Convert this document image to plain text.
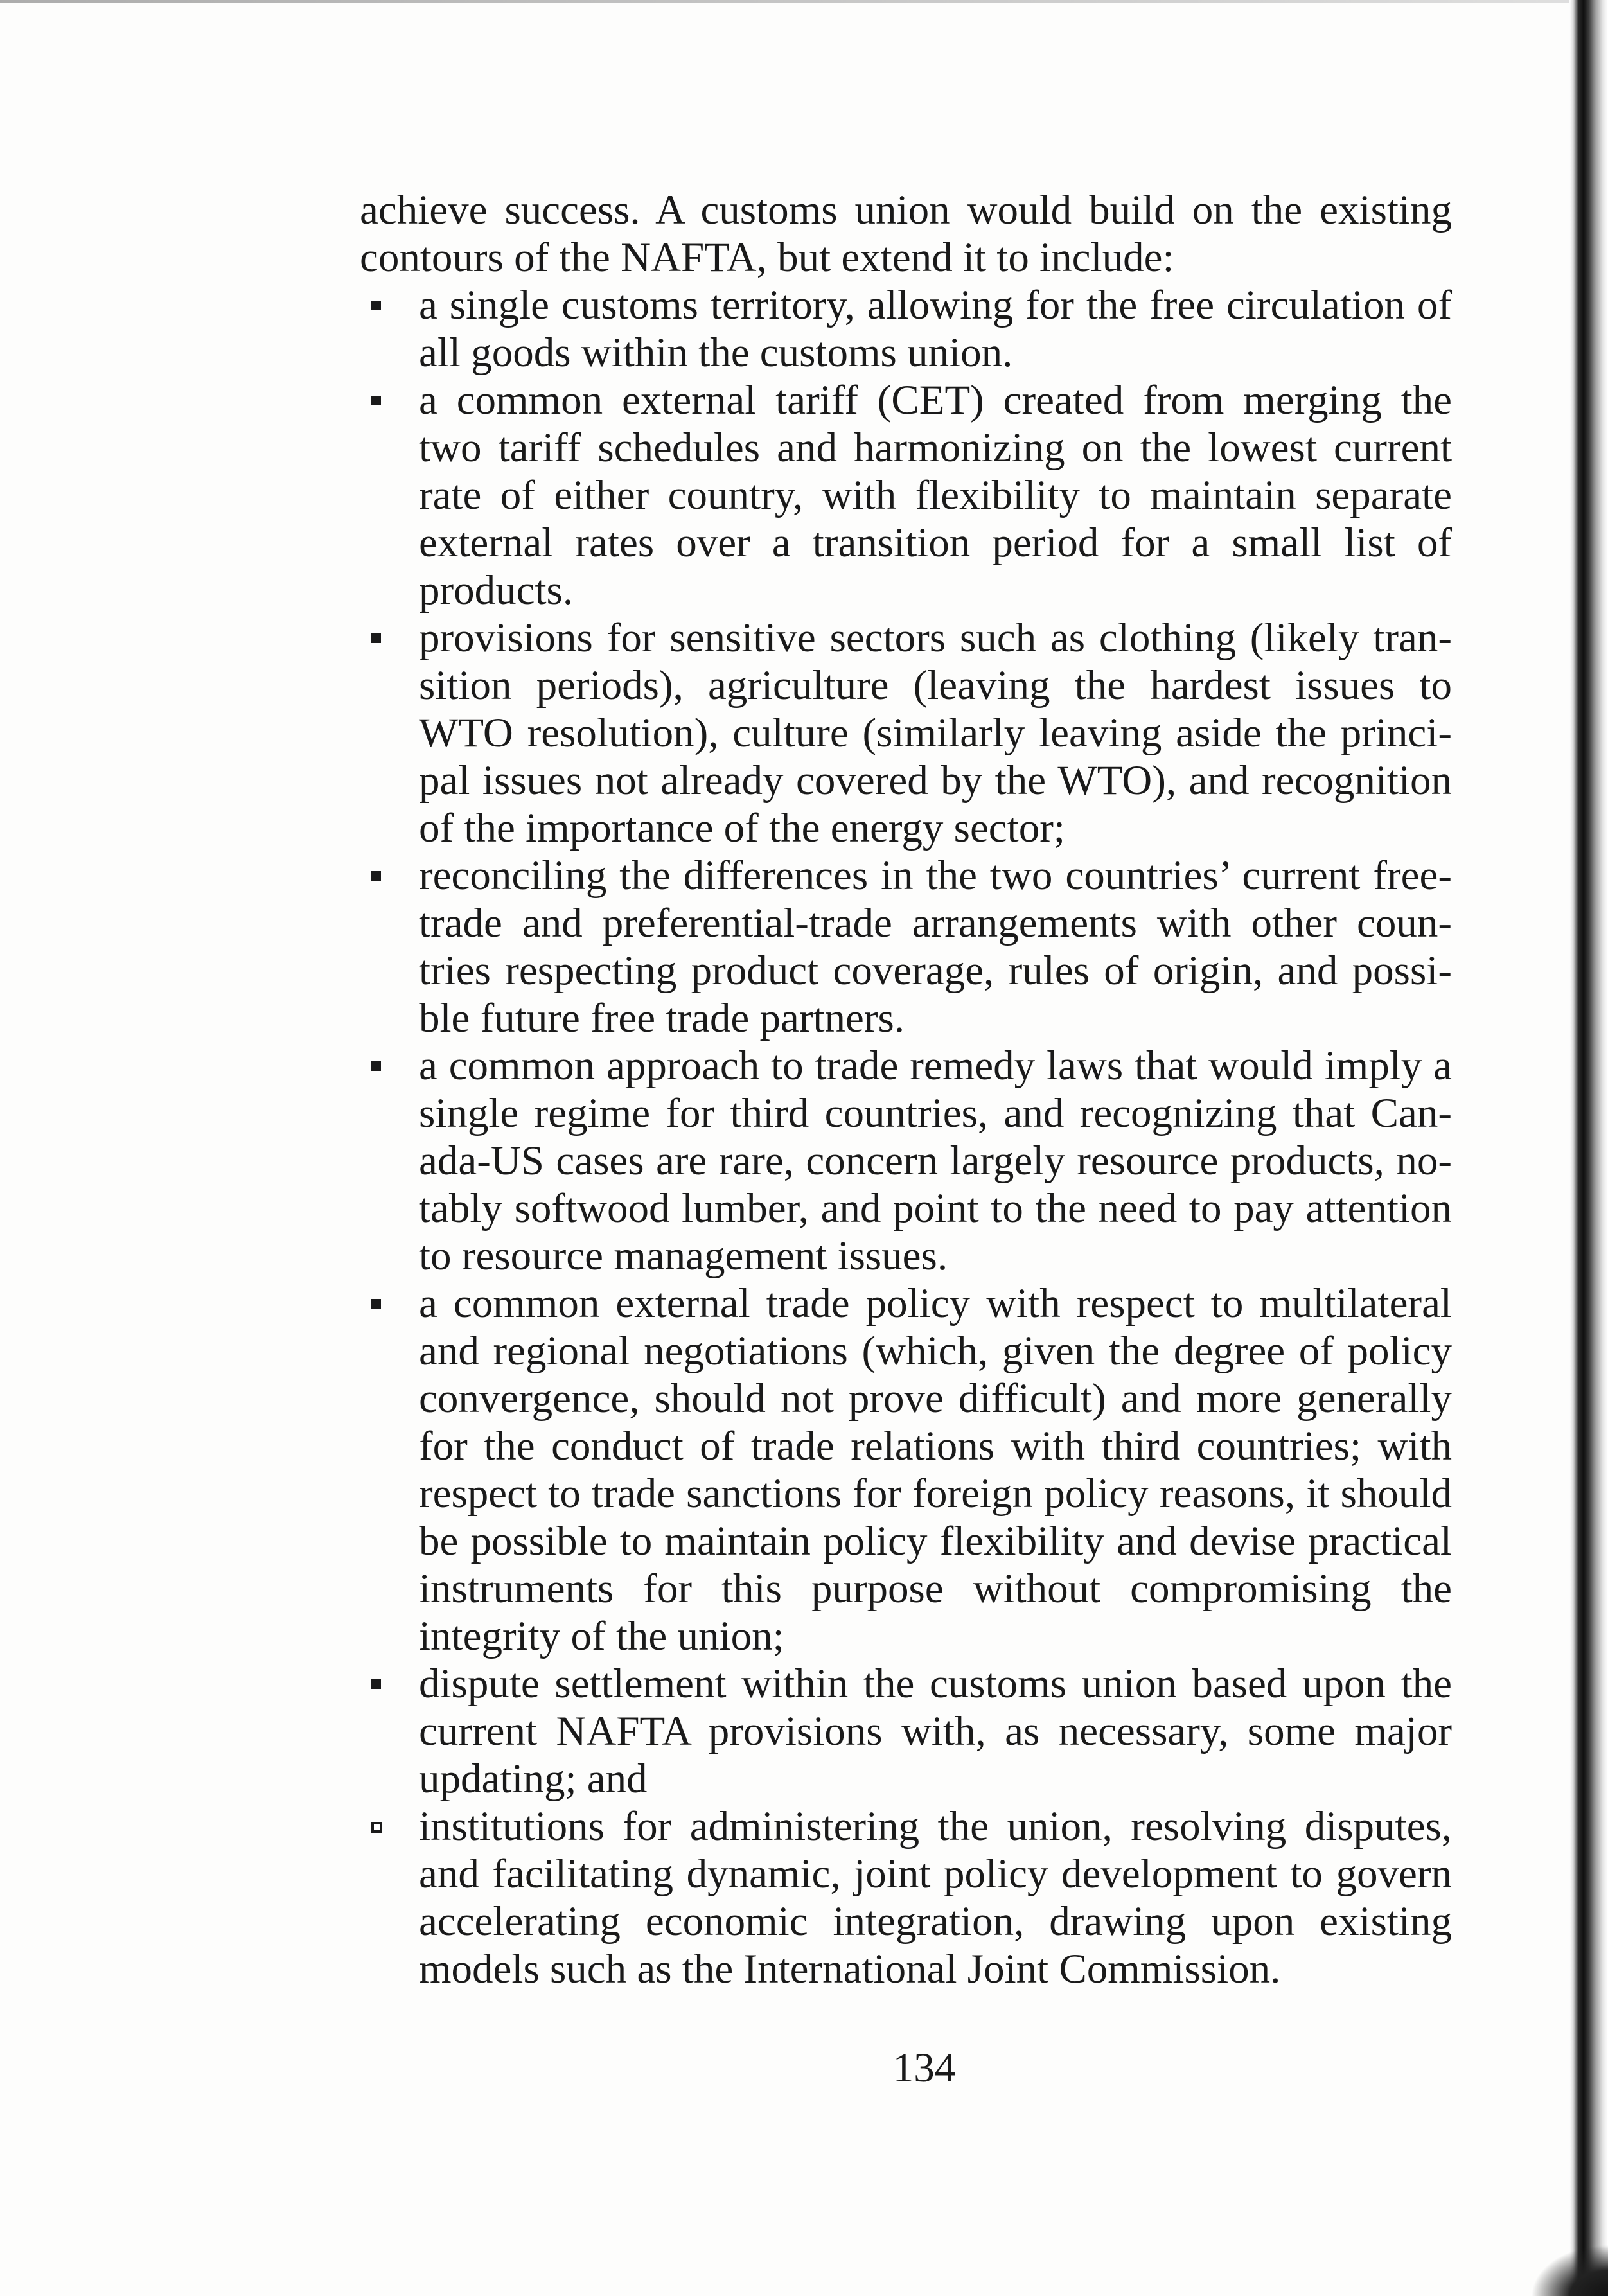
achieve success. A customs union would build on the existing contours of the NAFTA, but extend it to include:

a single customs territory, allowing for the free circulation of all goods within the customs union.
a common external tariff (CET) created from merging the two tariff schedules and harmonizing on the lowest current rate of either country, with flexibility to maintain separate external rates over a transition period for a small list of products.
provisions for sensitive sectors such as clothing (likely transition periods), agriculture (leaving the hardest issues to WTO resolution), culture (similarly leaving aside the principal issues not already covered by the WTO), and recognition of the importance of the energy sector;
reconciling the differences in the two countries’ current free-trade and preferential-trade arrangements with other countries respecting product coverage, rules of origin, and possible future free trade partners.
a common approach to trade remedy laws that would imply a single regime for third countries, and recognizing that Canada-US cases are rare, concern largely resource products, notably softwood lumber, and point to the need to pay attention to resource management issues.
a common external trade policy with respect to multilateral and regional negotiations (which, given the degree of policy convergence, should not prove difficult) and more generally for the conduct of trade relations with third countries; with respect to trade sanctions for foreign policy reasons, it should be possible to maintain policy flexibility and devise practical instruments for this purpose without compromising the integrity of the union;
dispute settlement within the customs union based upon the current NAFTA provisions with, as necessary, some major updating; and
institutions for administering the union, resolving disputes, and facilitating dynamic, joint policy development to govern accelerating economic integration, drawing upon existing models such as the International Joint Commission.
134
